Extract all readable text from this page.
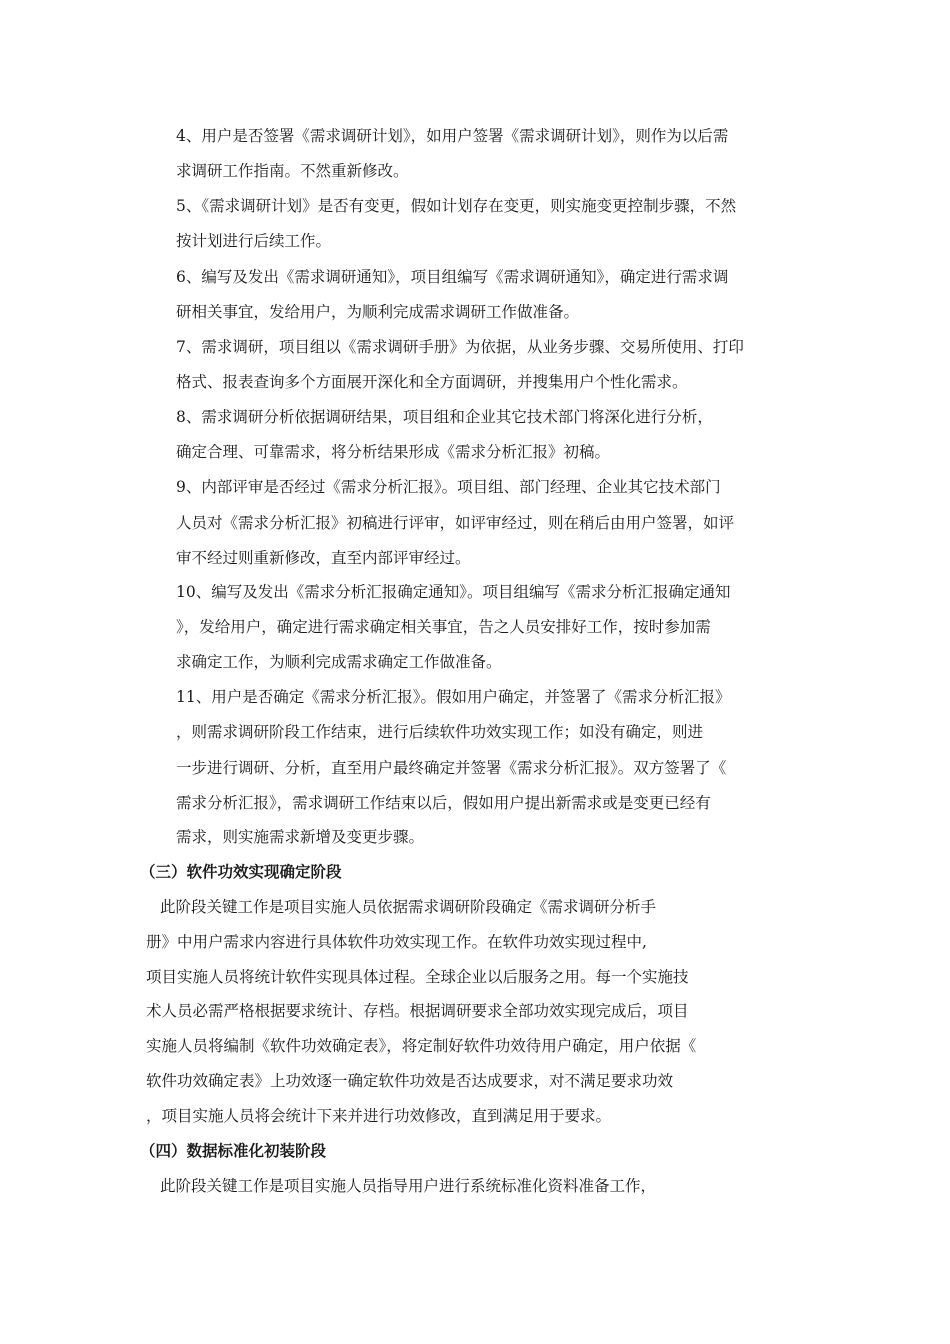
4、用户是否签署《需求调研计划》，如用户签署《需求调研计划》，则作为以后需
求调研工作指南。不然重新修改。
5、《需求调研计划》是否有变更，假如计划存在变更，则实施变更控制步骤，不然
按计划进行后续工作。
6、编写及发出《需求调研通知》，项目组编写《需求调研通知》，确定进行需求调
研相关事宜，发给用户，为顺利完成需求调研工作做准备。
7、需求调研，项目组以《需求调研手册》为依据，从业务步骤、交易所使用、打印
格式、报表查询多个方面展开深化和全方面调研，并搜集用户个性化需求。
8、需求调研分析依据调研结果，项目组和企业其它技术部门将深化进行分析，
确定合理、可靠需求，将分析结果形成《需求分析汇报》初稿。
9、内部评审是否经过《需求分析汇报》。项目组、部门经理、企业其它技术部门
人员对《需求分析汇报》初稿进行评审，如评审经过，则在稍后由用户签署，如评
审不经过则重新修改，直至内部评审经过。
10、编写及发出《需求分析汇报确定通知》。项目组编写《需求分析汇报确定通知
》，发给用户，确定进行需求确定相关事宜，告之人员安排好工作，按时参加需
求确定工作，为顺利完成需求确定工作做准备。
11、用户是否确定《需求分析汇报》。假如用户确定，并签署了《需求分析汇报》
，则需求调研阶段工作结束，进行后续软件功效实现工作；如没有确定，则进
一步进行调研、分析，直至用户最终确定并签署《需求分析汇报》。双方签署了《
需求分析汇报》，需求调研工作结束以后，假如用户提出新需求或是变更已经有
需求，则实施需求新增及变更步骤。
（三）软件功效实现确定阶段
此阶段关键工作是项目实施人员依据需求调研阶段确定《需求调研分析手
册》中用户需求内容进行具体软件功效实现工作。在软件功效实现过程中,
项目实施人员将统计软件实现具体过程。全球企业以后服务之用。每一个实施技
术人员必需严格根据要求统计、存档。根据调研要求全部功效实现完成后，项目
实施人员将编制《软件功效确定表》，将定制好软件功效待用户确定，用户依据《
软件功效确定表》上功效逐一确定软件功效是否达成要求，对不满足要求功效
，项目实施人员将会统计下来并进行功效修改，直到满足用于要求。
（四）数据标准化初装阶段
此阶段关键工作是项目实施人员指导用户进行系统标准化资料准备工作，
